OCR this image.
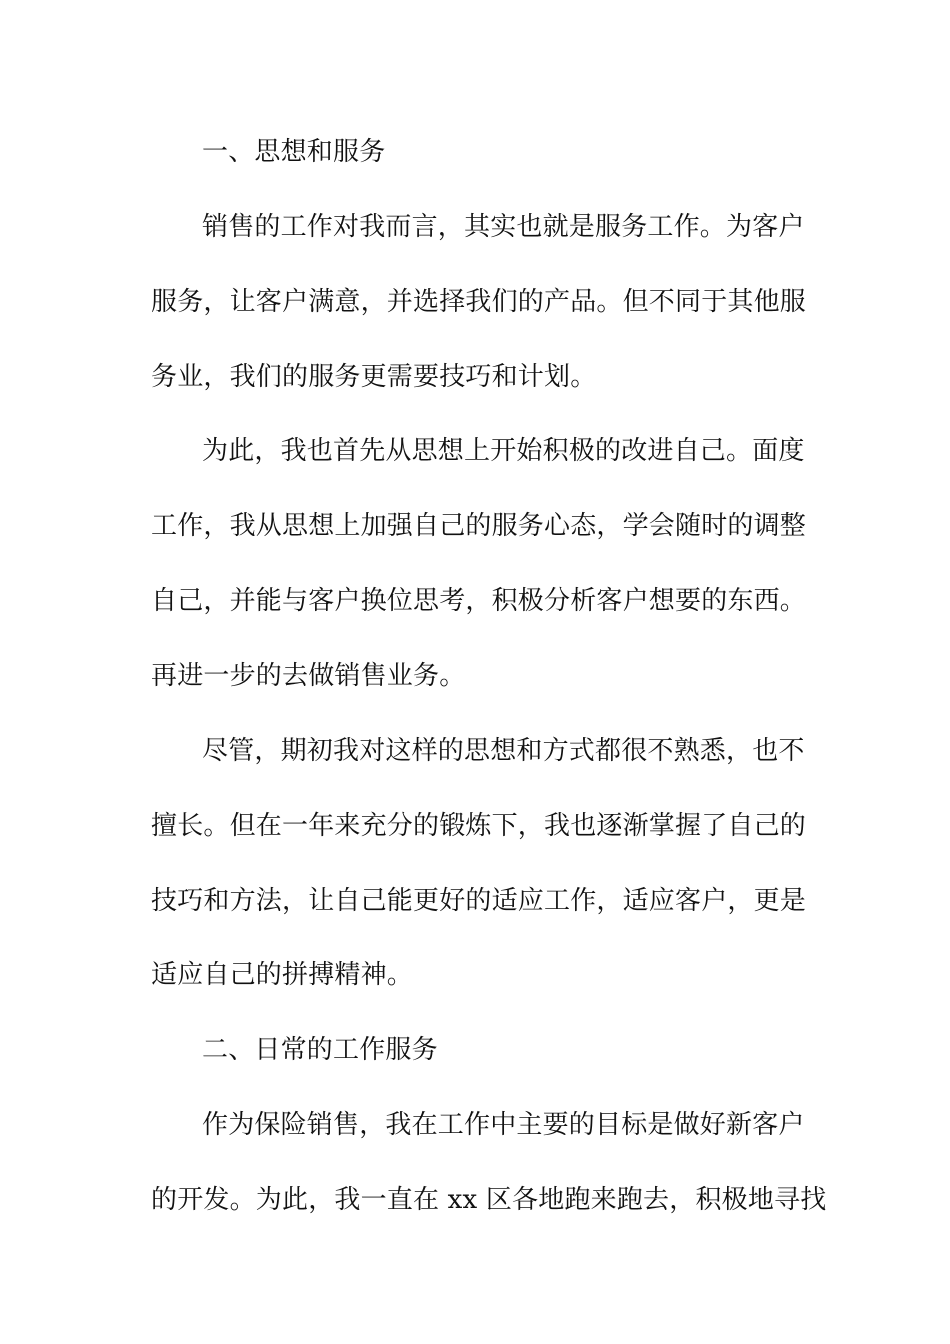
一、思想和服务
销售的工作对我而言，其实也就是服务工作。为客户
服务，让客户满意，并选择我们的产品。但不同于其他服
务业，我们的服务更需要技巧和计划。
为此，我也首先从思想上开始积极的改进自己。面度
工作，我从思想上加强自己的服务心态，学会随时的调整
自己，并能与客户换位思考，积极分析客户想要的东西。
再进一步的去做销售业务。
尽管，期初我对这样的思想和方式都很不熟悉，也不
擅长。但在一年来充分的锻炼下，我也逐渐掌握了自己的
技巧和方法，让自己能更好的适应工作，适应客户，更是
适应自己的拼搏精神。
二、日常的工作服务
作为保险销售，我在工作中主要的目标是做好新客户
的开发。为此，我一直在 xx 区各地跑来跑去，积极地寻找
